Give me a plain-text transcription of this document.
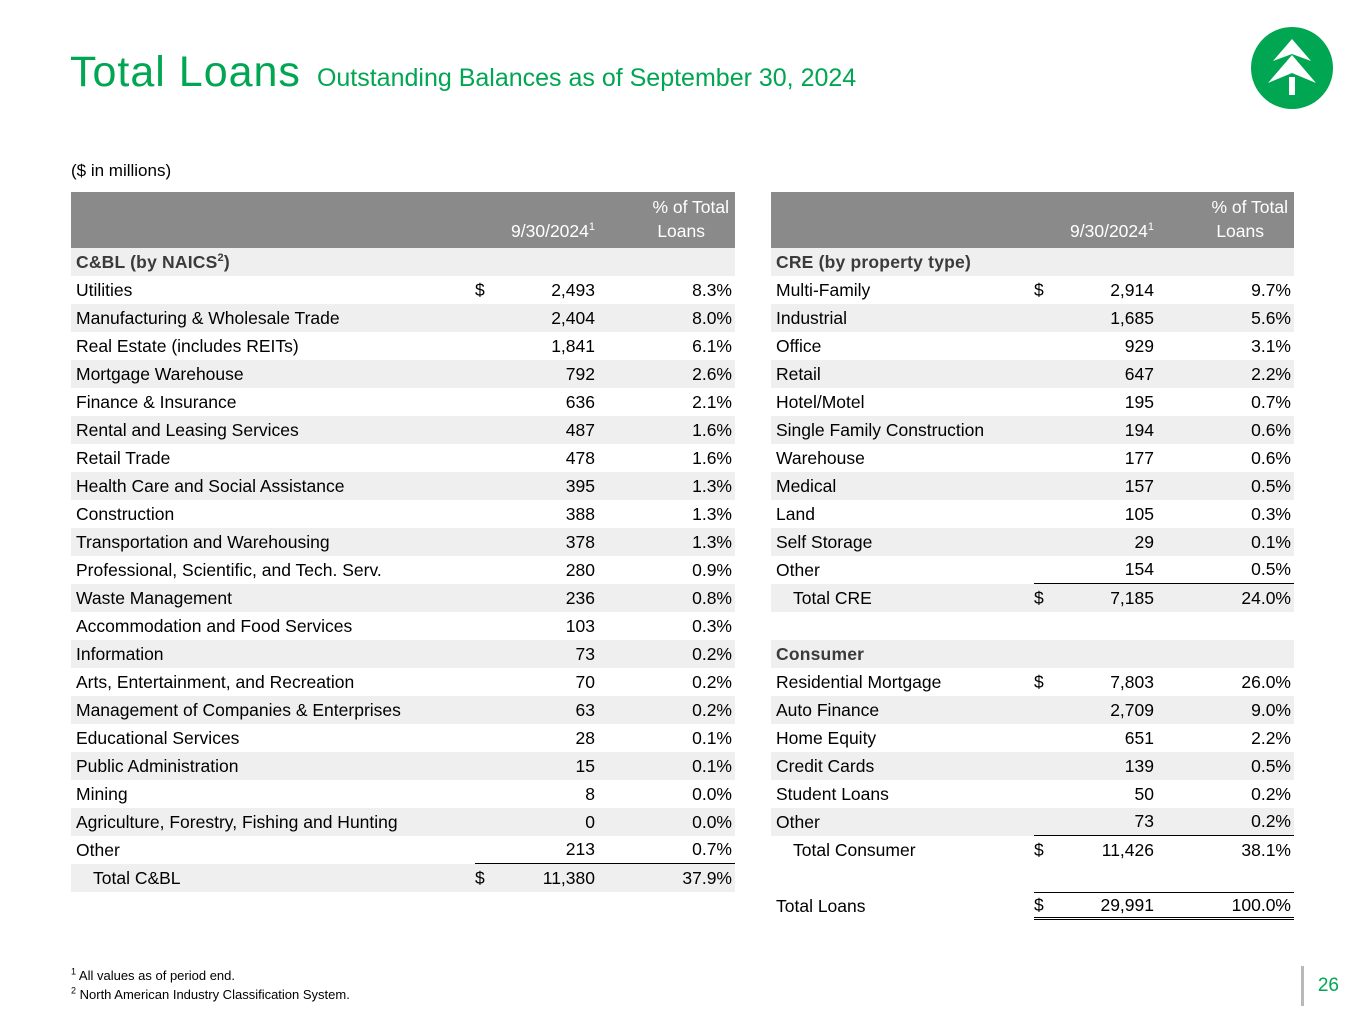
Total Loans Outstanding Balances as of September 30, 2024
($ in millions)
9/30/2024$^1$
% of Total
Loans
C&BL (by NAICS$^2$)
Utilities	$	2,493	8.3%
Manufacturing & Wholesale Trade	2,404	8.0%
Real Estate (includes REITs)	1,841	6.1%
Mortgage Warehouse	792	2.6%
Finance & Insurance	636	2.1%
Rental and Leasing Services	487	1.6%
Retail Trade	478	1.6%
Health Care and Social Assistance	395	1.3%
Construction	388	1.3%
Transportation and Warehousing	378	1.3%
Professional, Scientific, and Tech. Serv.	280	0.9%
Waste Management	236	0.8%
Accommodation and Food Services	103	0.3%
Information	73	0.2%
Arts, Entertainment, and Recreation	70	0.2%
Management of Companies & Enterprises	63	0.2%
Educational Services	28	0.1%
Public Administration	15	0.1%
Mining	8	0.0%
Agriculture, Forestry, Fishing and Hunting	0	0.0%
Other	213	0.7%
Total C&BL	$	11,380	37.9%
9/30/2024$^1$
% of Total
Loans
CRE (by property type)
Multi-Family	$	2,914	9.7%
Industrial	1,685	5.6%
Office	929	3.1%
Retail	647	2.2%
Hotel/Motel	195	0.7%
Single Family Construction	194	0.6%
Warehouse	177	0.6%
Medical	157	0.5%
Land	105	0.3%
Self Storage	29	0.1%
Other	154	0.5%
Total CRE	$	7,185	24.0%
Consumer
Residential Mortgage	$	7,803	26.0%
Auto Finance	2,709	9.0%
Home Equity	651	2.2%
Credit Cards	139	0.5%
Student Loans	50	0.2%
Other	73	0.2%
Total Consumer	$	11,426	38.1%
Total Loans	$	29,991	100.0%
$^1$ All values as of period end.
$^2$ North American Industry Classification System.	26
